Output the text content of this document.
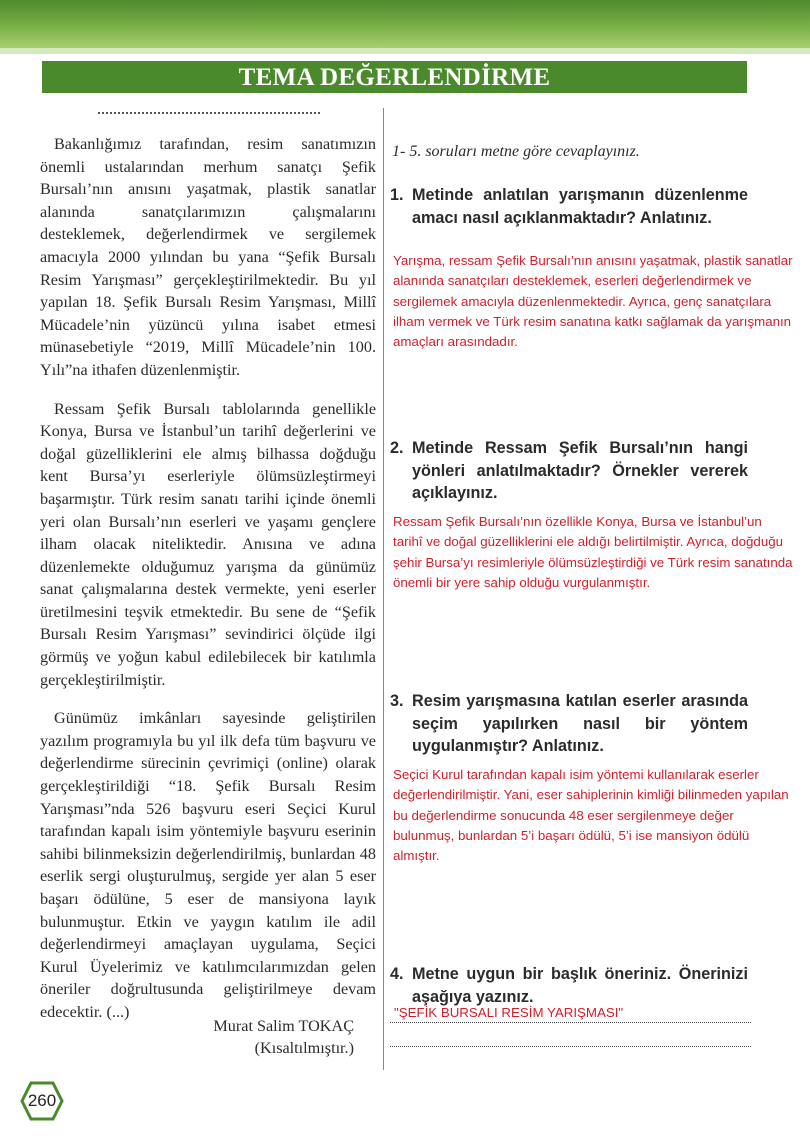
TEMA DEĞERLENDİRME

Bakanlığımız tarafından, resim sanatımızın önemli ustalarından merhum sanatçı Şefik Bursalı’nın anısını yaşatmak, plastik sanatlar alanında sanatçılarımızın çalışmalarını desteklemek, değerlendirmek ve sergilemek amacıyla 2000 yılından bu yana “Şefik Bursalı Resim Yarışması” gerçekleştirilmektedir. Bu yıl yapılan 18. Şefik Bursalı Resim Yarışması, Millî Mücadele’nin yüzüncü yılına isabet etmesi münasebetiyle “2019, Millî Mücadele’nin 100. Yılı”na ithafen düzenlenmiştir.

Ressam Şefik Bursalı tablolarında genellikle Konya, Bursa ve İstanbul’un tarihî değerlerini ve doğal güzelliklerini ele almış bilhassa doğduğu kent Bursa’yı eserleriyle ölümsüzleştirmeyi başarmıştır. Türk resim sanatı tarihi içinde önemli yeri olan Bursalı’nın eserleri ve yaşamı gençlere ilham olacak niteliktedir. Anısına ve adına düzenlemekte olduğumuz yarışma da günümüz sanat çalışmalarına destek vermekte, yeni eserler üretilmesini teşvik etmektedir. Bu sene de “Şefik Bursalı Resim Yarışması” sevindirici ölçüde ilgi görmüş ve yoğun kabul edilebilecek bir katılımla gerçekleştirilmiştir.

Günümüz imkânları sayesinde geliştirilen yazılım programıyla bu yıl ilk defa tüm başvuru ve değerlendirme sürecinin çevrimiçi (online) olarak gerçekleştirildiği “18. Şefik Bursalı Resim Yarışması”nda 526 başvuru eseri Seçici Kurul tarafından kapalı isim yöntemiyle başvuru eserinin sahibi bilinmeksizin değerlendirilmiş, bunlardan 48 eserlik sergi oluşturulmuş, sergide yer alan 5 eser başarı ödülüne, 5 eser de mansiyona layık bulunmuştur. Etkin ve yaygın katılım ile adil değerlendirmeyi amaçlayan uygulama, Seçici Kurul Üyelerimiz ve katılımcılarımızdan gelen öneriler doğrultusunda geliştirilmeye devam edecektir. (...)

Murat Salim TOKAÇ
(Kısaltılmıştır.)
1- 5. soruları metne göre cevaplayınız.
1. Metinde anlatılan yarışmanın düzenlenme amacı nasıl açıklanmaktadır? Anlatınız.
Yarışma, ressam Şefik Bursalı’nın anısını yaşatmak, plastik sanatlar alanında sanatçıları desteklemek, eserleri değerlendirmek ve sergilemek amacıyla düzenlenmektedir. Ayrıca, genç sanatçılara ilham vermek ve Türk resim sanatına katkı sağlamak da yarışmanın amaçları arasındadır.
2. Metinde Ressam Şefik Bursalı’nın hangi yönleri anlatılmaktadır? Örnekler vererek açıklayınız.
Ressam Şefik Bursalı’nın özellikle Konya, Bursa ve İstanbul’un tarihî ve doğal güzelliklerini ele aldığı belirtilmiştir. Ayrıca, doğduğu şehir Bursa’yı resimleriyle ölümsüzleştirdiği ve Türk resim sanatında önemli bir yere sahip olduğu vurgulanmıştır.
3. Resim yarışmasına katılan eserler arasında seçim yapılırken nasıl bir yöntem uygulanmıştır? Anlatınız.
Seçici Kurul tarafından kapalı isim yöntemi kullanılarak eserler değerlendirilmiştir. Yani, eser sahiplerinin kimliği bilinmeden yapılan bu değerlendirme sonucunda 48 eser sergilenmeye değer bulunmuş, bunlardan 5’i başarı ödülü, 5’i ise mansiyon ödülü almıştır.
4. Metne uygun bir başlık öneriniz. Önerinizi aşağıya yazınız.
"ŞEFİK BURSALI RESİM YARIŞMASI"
260
